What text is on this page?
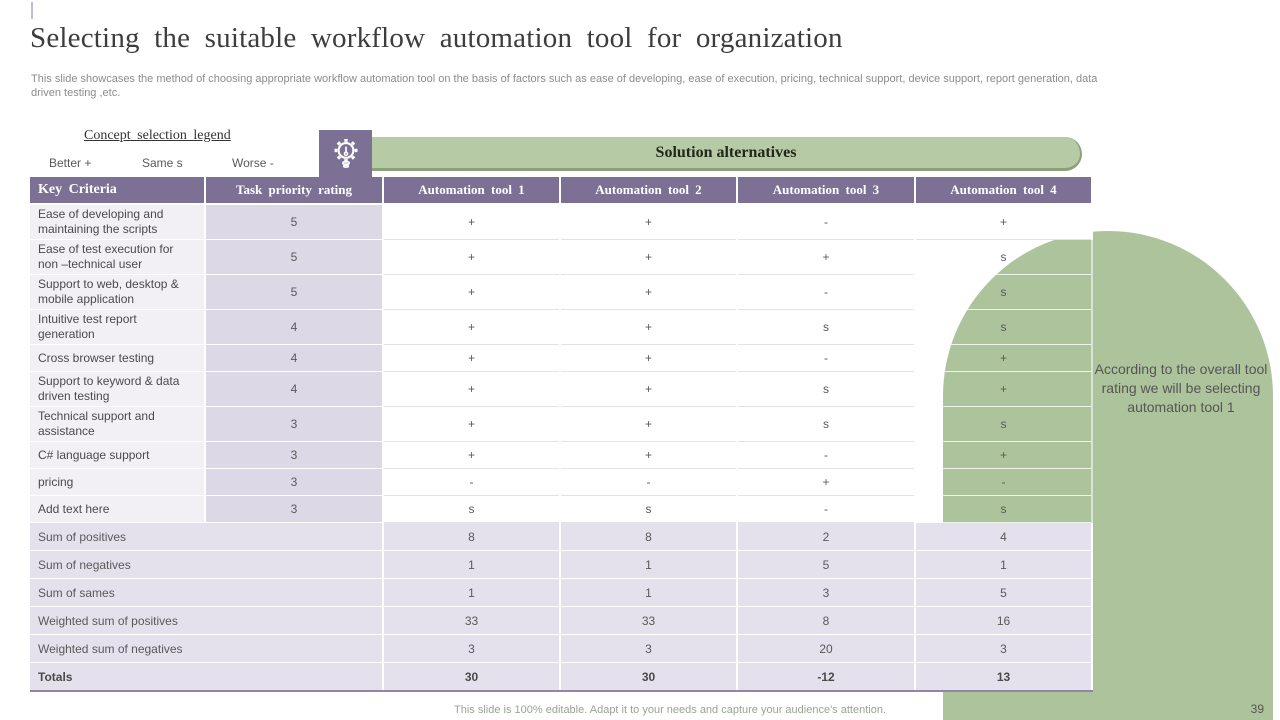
Selecting the suitable workflow automation tool for organization
This slide showcases the method of choosing appropriate workflow automation tool on the basis of factors such as ease of developing, ease of execution, pricing, technical support, device support, report generation, data driven testing ,etc.
Concept selection legend
Better +	Same s	Worse -
Solution alternatives
According to the overall tool rating we will be selecting automation tool 1
Key Criteria	Task priority rating	Automation tool 1	Automation tool 2	Automation tool 3	Automation tool 4
Ease of developing and maintaining the scripts	5	+	+	-	+
Ease of test execution for non –technical user	5	+	+	+	s
Support to web, desktop & mobile application	5	+	+	-	s
Intuitive test report generation	4	+	+	s	s
Cross browser testing	4	+	+	-	+
Support to keyword & data driven testing	4	+	+	s	+
Technical support and assistance	3	+	+	s	s
C# language support	3	+	+	-	+
pricing	3	-	-	+	-
Add text here	3	s	s	-	s
Sum of positives		8	8	2	4
Sum of negatives		1	1	5	1
Sum of sames		1	1	3	5
Weighted sum of positives		33	33	8	16
Weighted sum of negatives		3	3	20	3
Totals		30	30	-12	13
This slide is 100% editable. Adapt it to your needs and capture your audience's attention.	39
